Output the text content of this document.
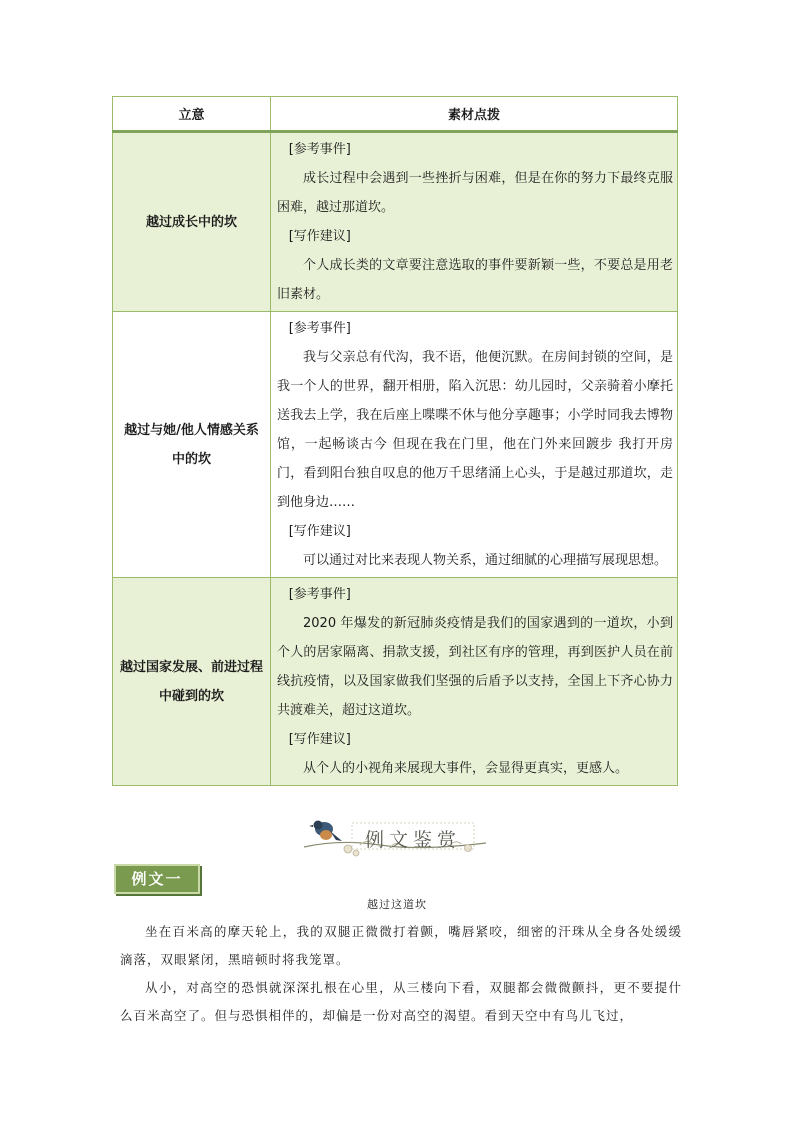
立意	素材点拨
越过成长中的坎	[参考事件]

成长过程中会遇到一些挫折与困难，但是在你的努力下最终克服困难，越过那道坎。

[写作建议]

个人成长类的文章要注意选取的事件要新颖一些，不要总是用老旧素材。

越过与她/他人情感关系中的坎	[参考事件]

我与父亲总有代沟，我不语，他便沉默。在房间封锁的空间，是我一个人的世界，翻开相册，陷入沉思：幼儿园时，父亲骑着小摩托送我去上学，我在后座上喋喋不休与他分享趣事；小学时同我去博物馆，一起畅谈古今 但现在我在门里，他在门外来回踱步 我打开房门，看到阳台独自叹息的他万千思绪涌上心头，于是越过那道坎，走到他身边……

[写作建议]

可以通过对比来表现人物关系，通过细腻的心理描写展现思想。

越过国家发展、前进过程中碰到的坎	[参考事件]

2020 年爆发的新冠肺炎疫情是我们的国家遇到的一道坎，小到个人的居家隔离、捐款支援，到社区有序的管理，再到医护人员在前线抗疫情，以及国家做我们坚强的后盾予以支持，全国上下齐心协力共渡难关，超过这道坎。

[写作建议]

从个人的小视角来展现大事件，会显得更真实，更感人。

例文鉴赏
例文一
越过这道坎

坐在百米高的摩天轮上，我的双腿正微微打着颤，嘴唇紧咬，细密的汗珠从全身各处缓缓滴落，双眼紧闭，黑暗顿时将我笼罩。

从小，对高空的恐惧就深深扎根在心里，从三楼向下看，双腿都会微微颤抖，更不要提什么百米高空了。但与恐惧相伴的，却偏是一份对高空的渴望。看到天空中有鸟儿飞过，
